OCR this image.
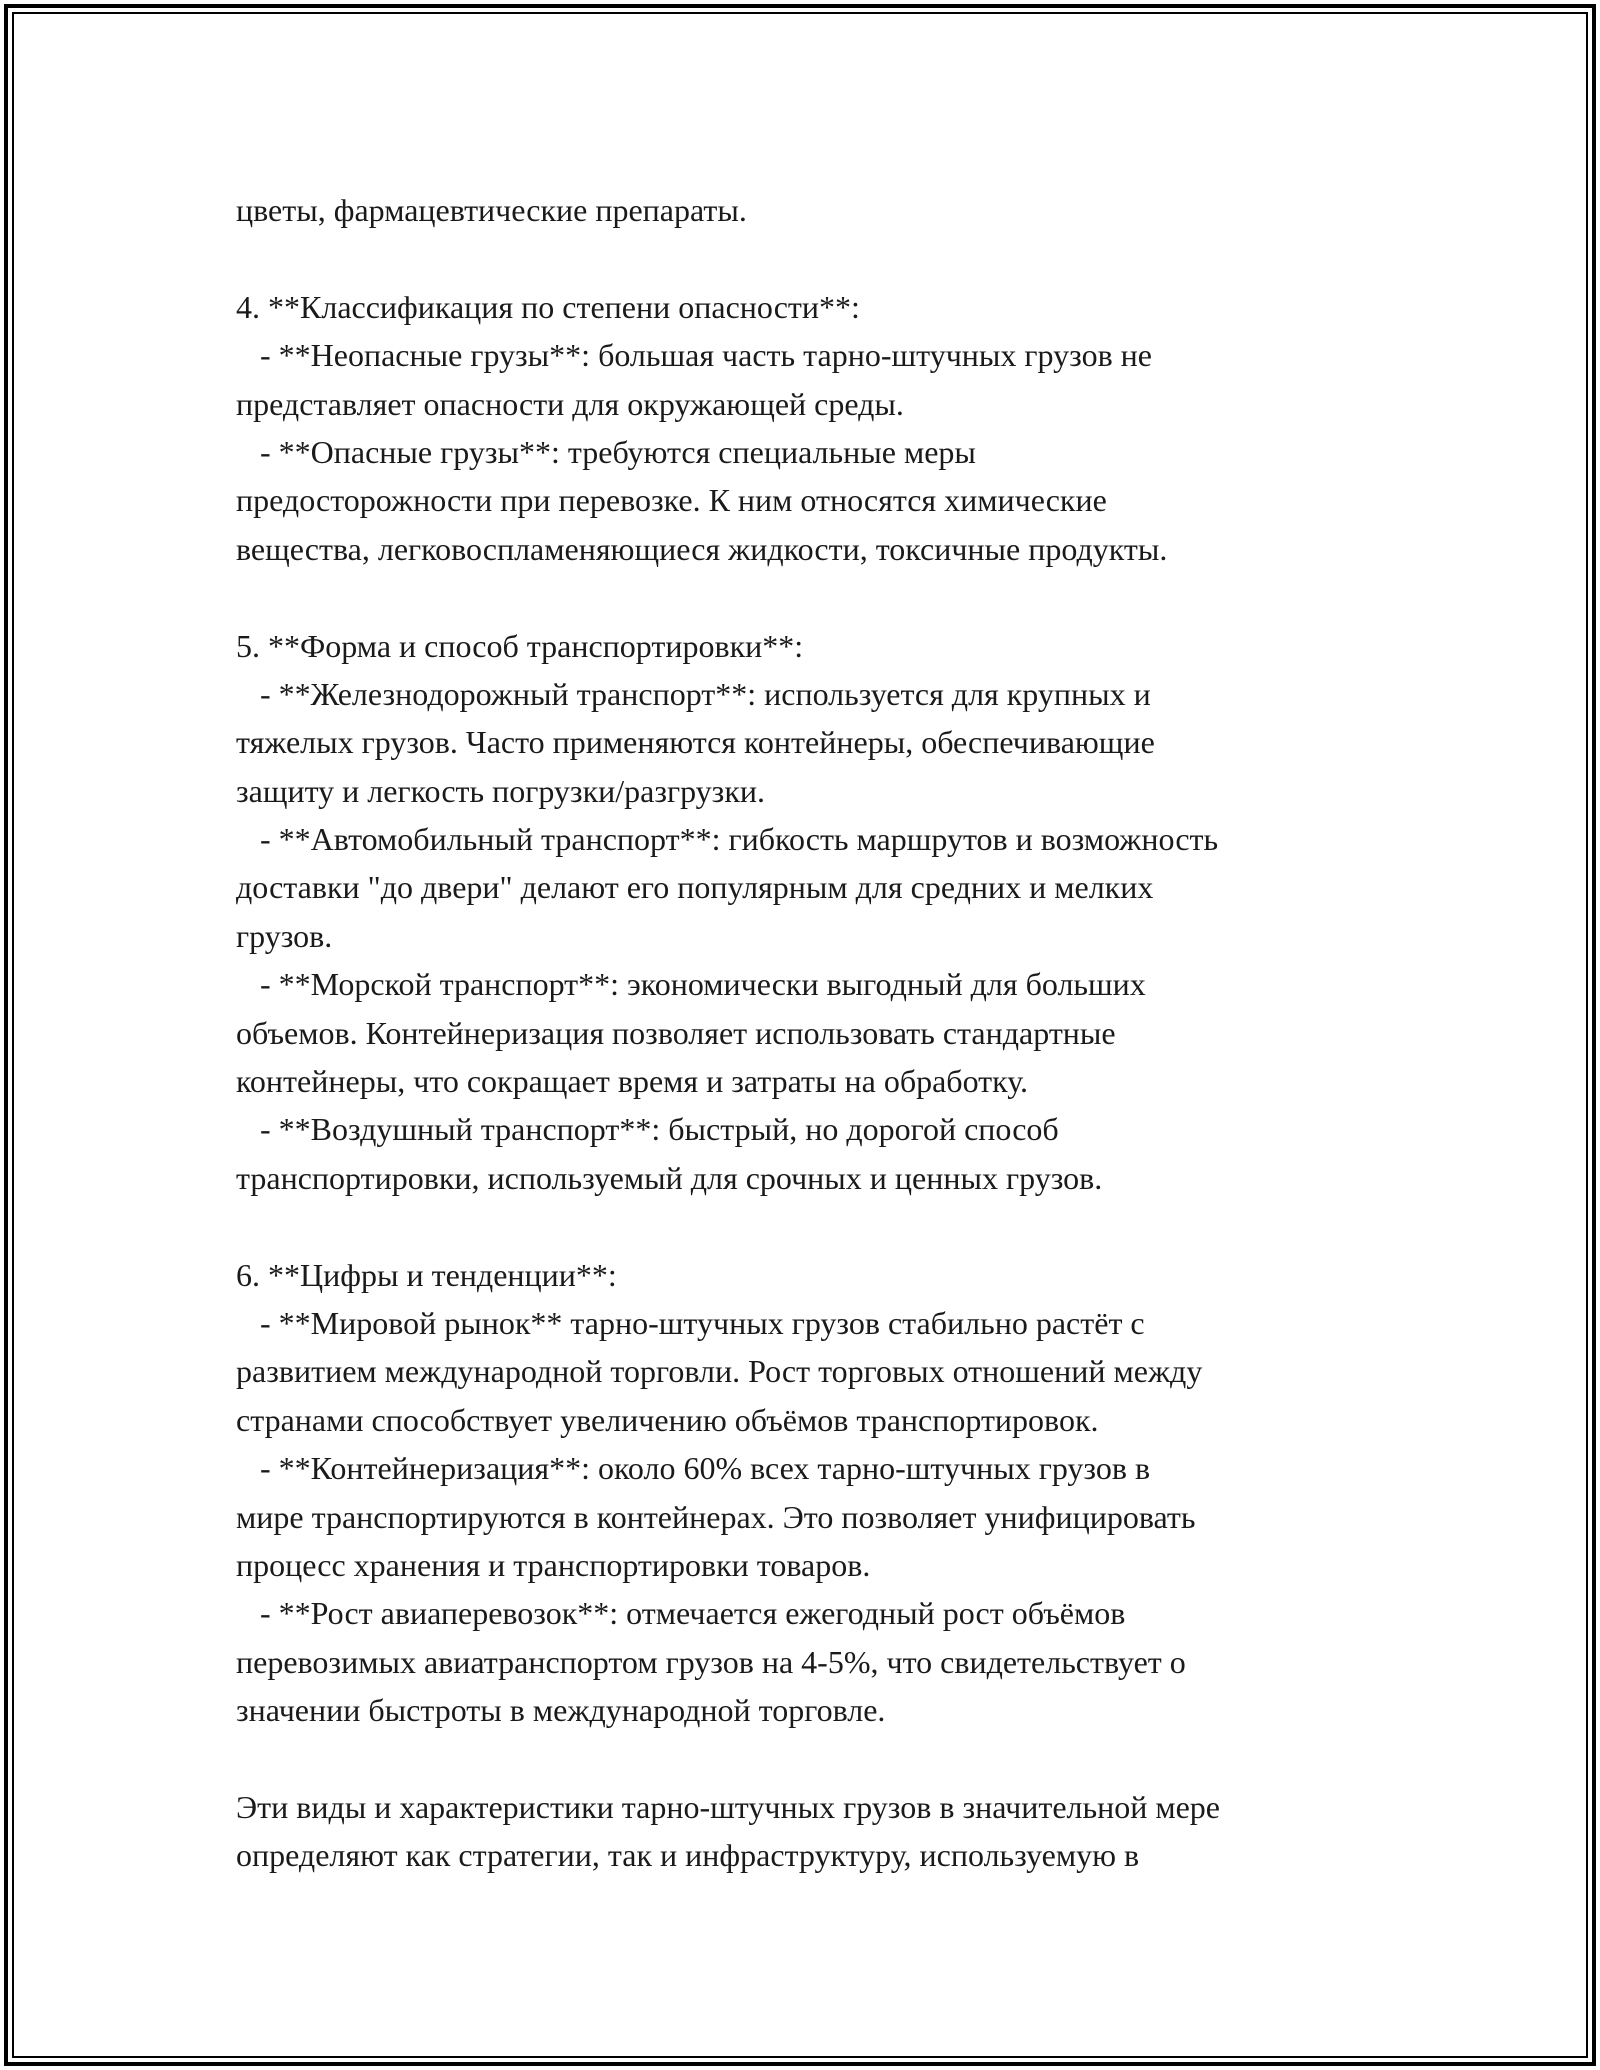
цветы, фармацевтические препараты.
4. **Классификация по степени опасности**:
- **Неопасные грузы**: большая часть тарно-штучных грузов не
представляет опасности для окружающей среды.
- **Опасные грузы**: требуются специальные меры
предосторожности при перевозке. К ним относятся химические
вещества, легковоспламеняющиеся жидкости, токсичные продукты.
5. **Форма и способ транспортировки**:
- **Железнодорожный транспорт**: используется для крупных и
тяжелых грузов. Часто применяются контейнеры, обеспечивающие
защиту и легкость погрузки/разгрузки.
- **Автомобильный транспорт**: гибкость маршрутов и возможность
доставки "до двери" делают его популярным для средних и мелких
грузов.
- **Морской транспорт**: экономически выгодный для больших
объемов. Контейнеризация позволяет использовать стандартные
контейнеры, что сокращает время и затраты на обработку.
- **Воздушный транспорт**: быстрый, но дорогой способ
транспортировки, используемый для срочных и ценных грузов.
6. **Цифры и тенденции**:
- **Мировой рынок** тарно-штучных грузов стабильно растёт с
развитием международной торговли. Рост торговых отношений между
странами способствует увеличению объёмов транспортировок.
- **Контейнеризация**: около 60% всех тарно-штучных грузов в
мире транспортируются в контейнерах. Это позволяет унифицировать
процесс хранения и транспортировки товаров.
- **Рост авиаперевозок**: отмечается ежегодный рост объёмов
перевозимых авиатранспортом грузов на 4-5%, что свидетельствует о
значении быстроты в международной торговле.
Эти виды и характеристики тарно-штучных грузов в значительной мере
определяют как стратегии, так и инфраструктуру, используемую в
